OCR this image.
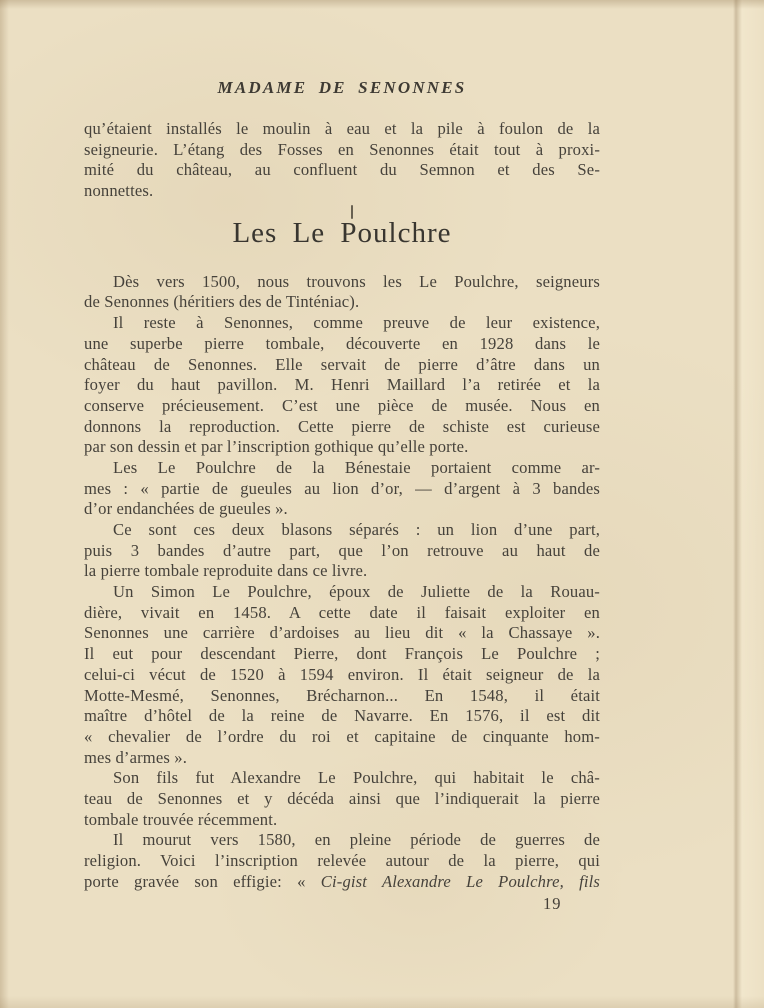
MADAME DE SENONNES
qu’étaient installés le moulin à eau et la pile à foulon de la
seigneurie. L’étang des Fosses en Senonnes était tout à proxi-
mité du château, au confluent du Semnon et des Se-
nonnettes.
Les Le Poulchre
Dès vers 1500, nous trouvons les Le Poulchre, seigneurs
de Senonnes (héritiers des de Tinténiac).
Il reste à Senonnes, comme preuve de leur existence,
une superbe pierre tombale, découverte en 1928 dans le
château de Senonnes. Elle servait de pierre d’âtre dans un
foyer du haut pavillon. M. Henri Maillard l’a retirée et la
conserve précieusement. C’est une pièce de musée. Nous en
donnons la reproduction. Cette pierre de schiste est curieuse
par son dessin et par l’inscription gothique qu’elle porte.
Les Le Poulchre de la Bénestaie portaient comme ar-
mes : « partie de gueules au lion d’or, — d’argent à 3 bandes
d’or endanchées de gueules ».
Ce sont ces deux blasons séparés : un lion d’une part,
puis 3 bandes d’autre part, que l’on retrouve au haut de
la pierre tombale reproduite dans ce livre.
Un Simon Le Poulchre, époux de Juliette de la Rouau-
dière, vivait en 1458. A cette date il faisait exploiter en
Senonnes une carrière d’ardoises au lieu dit « la Chassaye ».
Il eut pour descendant Pierre, dont François Le Poulchre ;
celui-ci vécut de 1520 à 1594 environ. Il était seigneur de la
Motte-Mesmé, Senonnes, Brécharnon... En 1548, il était
maître d’hôtel de la reine de Navarre. En 1576, il est dit
« chevalier de l’ordre du roi et capitaine de cinquante hom-
mes d’armes ».
Son fils fut Alexandre Le Poulchre, qui habitait le châ-
teau de Senonnes et y décéda ainsi que l’indiquerait la pierre
tombale trouvée récemment.
Il mourut vers 1580, en pleine période de guerres de
religion. Voici l’inscription relevée autour de la pierre, qui
porte gravée son effigie: « Ci-gist Alexandre Le Poulchre, fils
19
